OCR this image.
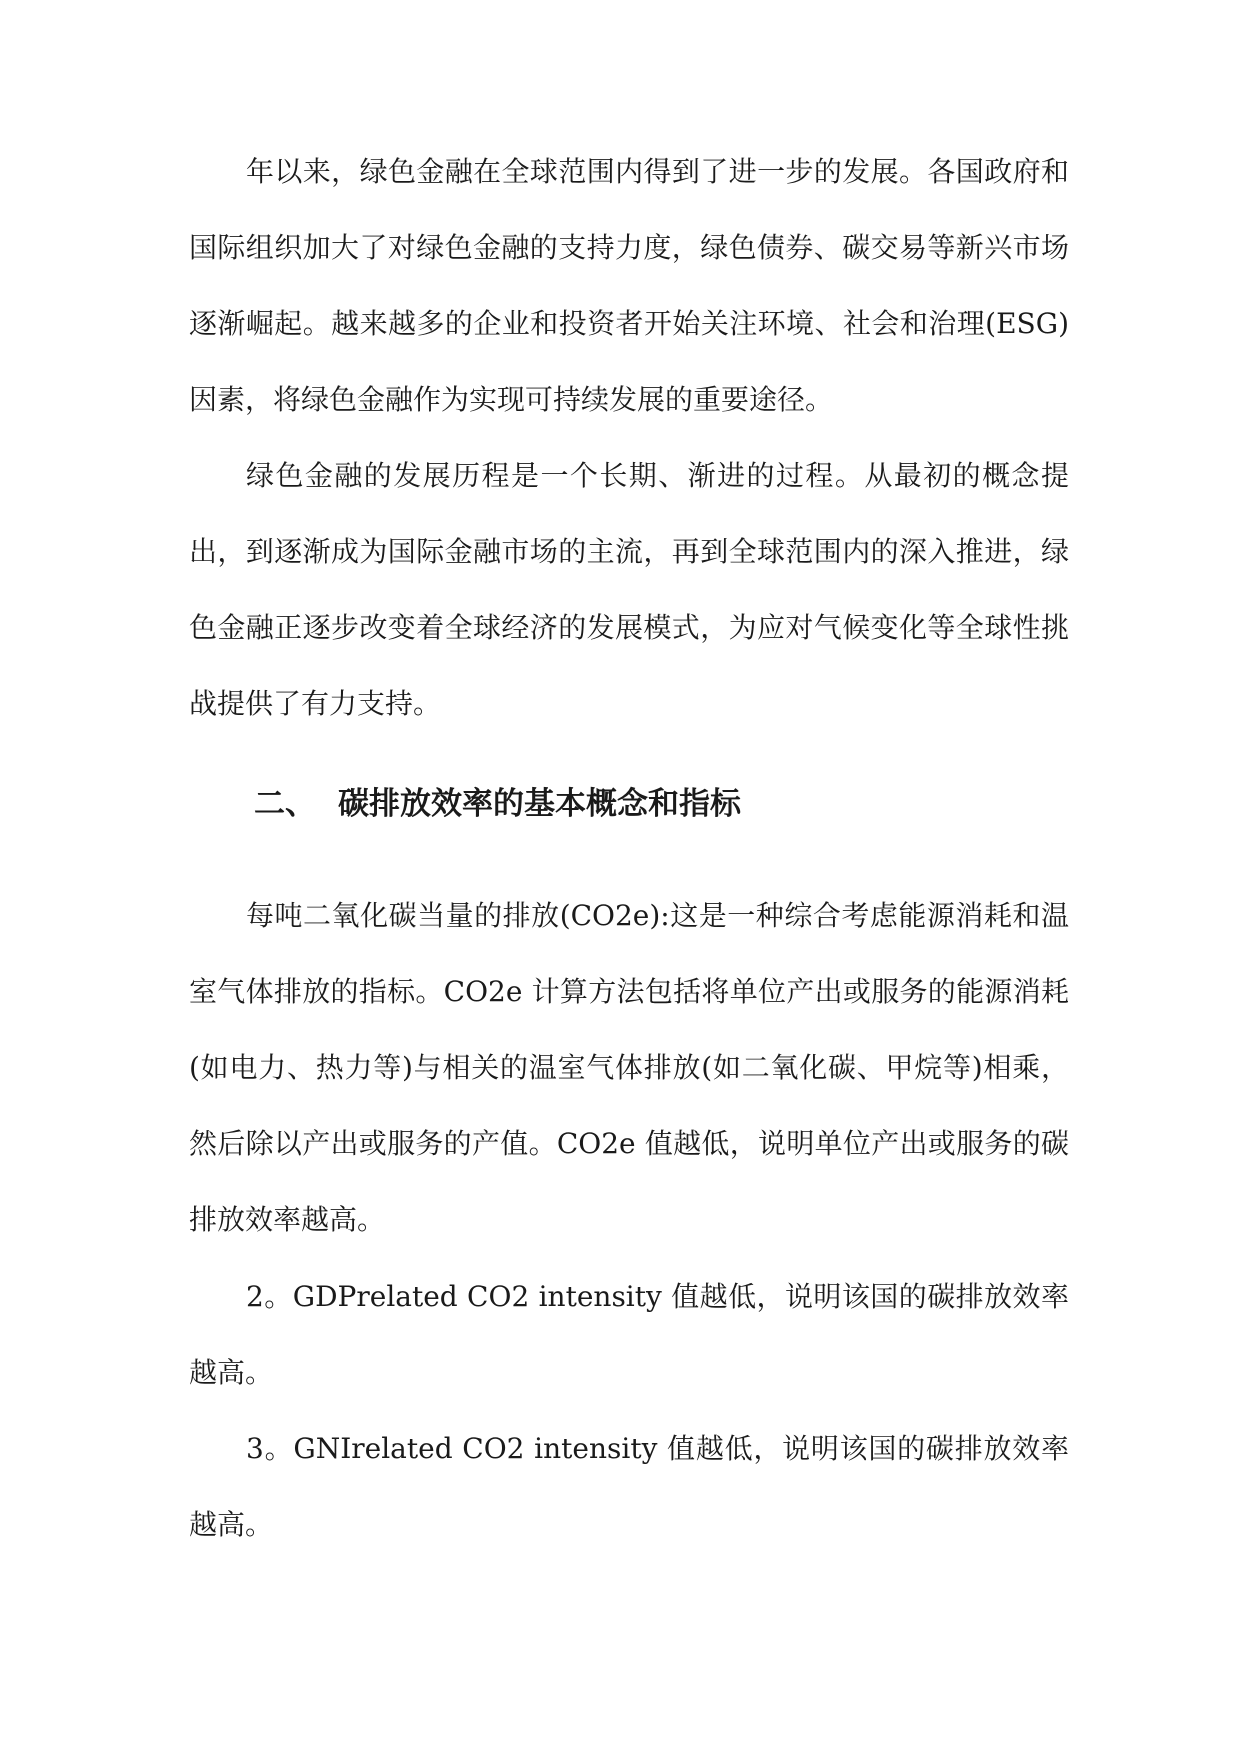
年以来，绿色金融在全球范围内得到了进一步的发展。各国政府和国际组织加大了对绿色金融的支持力度，绿色债券、碳交易等新兴市场逐渐崛起。越来越多的企业和投资者开始关注环境、社会和治理(ESG)因素，将绿色金融作为实现可持续发展的重要途径。

绿色金融的发展历程是一个长期、渐进的过程。从最初的概念提出，到逐渐成为国际金融市场的主流，再到全球范围内的深入推进，绿色金融正逐步改变着全球经济的发展模式，为应对气候变化等全球性挑战提供了有力支持。

二、 碳排放效率的基本概念和指标

每吨二氧化碳当量的排放(CO2e):这是一种综合考虑能源消耗和温室气体排放的指标。CO2e 计算方法包括将单位产出或服务的能源消耗(如电力、热力等)与相关的温室气体排放(如二氧化碳、甲烷等)相乘，然后除以产出或服务的产值。CO2e 值越低，说明单位产出或服务的碳排放效率越高。

2。GDPrelated CO2 intensity 值越低，说明该国的碳排放效率越高。

3。GNIrelated CO2 intensity 值越低，说明该国的碳排放效率越高。
